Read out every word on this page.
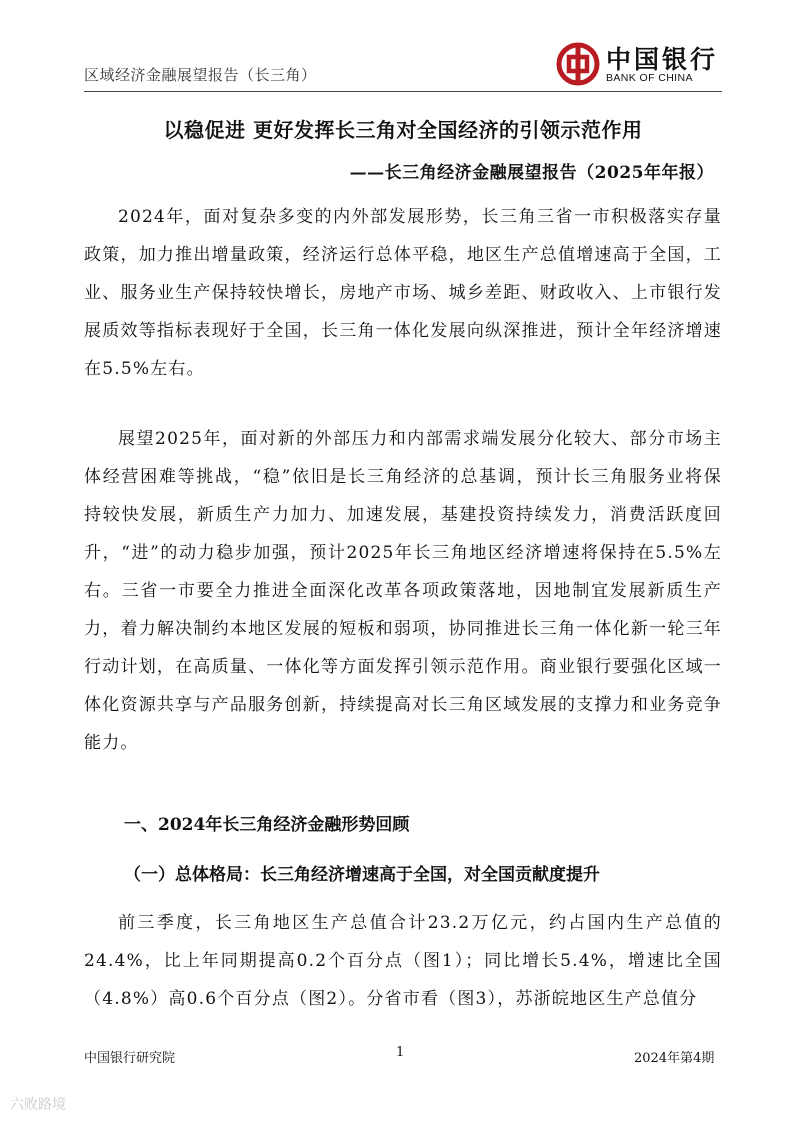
区域经济金融展望报告（长三角）
中国银行
BANK OF CHINA
以稳促进 更好发挥长三角对全国经济的引领示范作用
——长三角经济金融展望报告（2025年年报）

2024年，面对复杂多变的内外部发展形势，长三角三省一市积极落实存量政策，加力推出增量政策，经济运行总体平稳，地区生产总值增速高于全国，工业、服务业生产保持较快增长，房地产市场、城乡差距、财政收入、上市银行发展质效等指标表现好于全国，长三角一体化发展向纵深推进，预计全年经济增速在5.5%左右。

展望2025年，面对新的外部压力和内部需求端发展分化较大、部分市场主体经营困难等挑战，“稳”依旧是长三角经济的总基调，预计长三角服务业将保持较快发展，新质生产力加力、加速发展，基建投资持续发力，消费活跃度回升，“进”的动力稳步加强，预计2025年长三角地区经济增速将保持在5.5%左右。三省一市要全力推进全面深化改革各项政策落地，因地制宜发展新质生产力，着力解决制约本地区发展的短板和弱项，协同推进长三角一体化新一轮三年行动计划，在高质量、一体化等方面发挥引领示范作用。商业银行要强化区域一体化资源共享与产品服务创新，持续提高对长三角区域发展的支撑力和业务竞争能力。

一、2024年长三角经济金融形势回顾
（一）总体格局：长三角经济增速高于全国，对全国贡献度提升

前三季度，长三角地区生产总值合计23.2万亿元，约占国内生产总值的24.4%，比上年同期提高0.2个百分点（图1）；同比增长5.4%，增速比全国（4.8%）高0.6个百分点（图2）。分省市看（图3），苏浙皖地区生产总值分

中国银行研究院	1	2024年第4期
六败路境
